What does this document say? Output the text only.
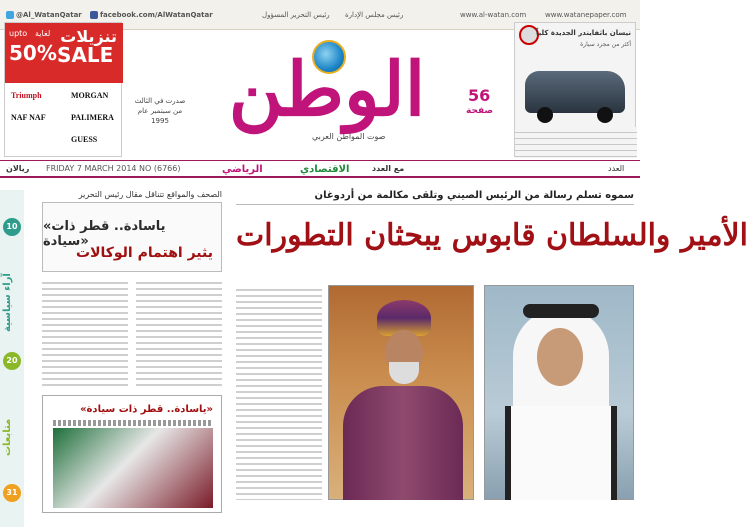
@Al_WatanQatar	facebook.com/AlWatanQatar	رئيس التحرير المسؤول رئيس مجلس الإدارة	www.al-watan.com	www.watanepaper.com
تنزيلات
upto لغاية
50% SALE
Triumph	MORGAN
NAF NAF	PALIMERA
GUESS
نيسان باثفايندر الجديدة كلياً
أكثر من مجرد سيارة
الوطن
صوت المواطن العربي
56
صفحة
صدرت في الثالث من سبتمبر عام 1995
ريالان FRIDAY 7 MARCH 2014 NO (6766)	الرياضي	الاقتصادي	مع العدد	العدد
10
آراء سياسية
20
متابعات
31
الصحف والمواقع تتناقل مقال رئيس التحرير
«ياسادة.. قطر ذات سيادة»
يثير اهتمام الوكالات
«ياسادة.. قطر ذات سيادة»
سموه تسلم رسالة من الرئيس الصيني وتلقى مكالمة من أردوغان
الأمير والسلطان قابوس يبحثان التطورات
